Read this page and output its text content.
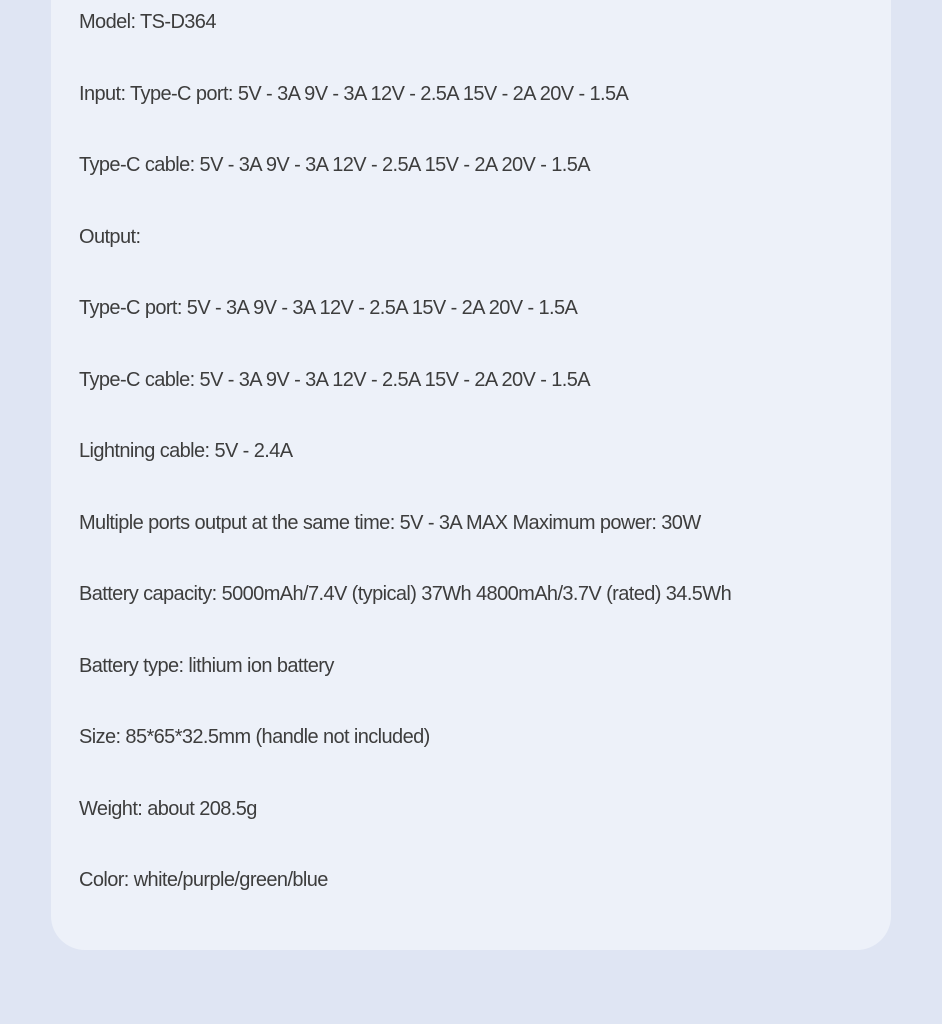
Model: TS-D364

Input: Type-C port: 5V - 3A 9V - 3A 12V - 2.5A 15V - 2A 20V - 1.5A

Type-C cable: 5V - 3A 9V - 3A 12V - 2.5A 15V - 2A 20V - 1.5A

Output:

Type-C port: 5V - 3A 9V - 3A 12V - 2.5A 15V - 2A 20V - 1.5A

Type-C cable: 5V - 3A 9V - 3A 12V - 2.5A 15V - 2A 20V - 1.5A

Lightning cable: 5V - 2.4A

Multiple ports output at the same time: 5V - 3A MAX Maximum power: 30W

Battery capacity: 5000mAh/7.4V (typical) 37Wh 4800mAh/3.7V (rated) 34.5Wh

Battery type: lithium ion battery

Size: 85*65*32.5mm (handle not included)

Weight: about 208.5g

Color: white/purple/green/blue
